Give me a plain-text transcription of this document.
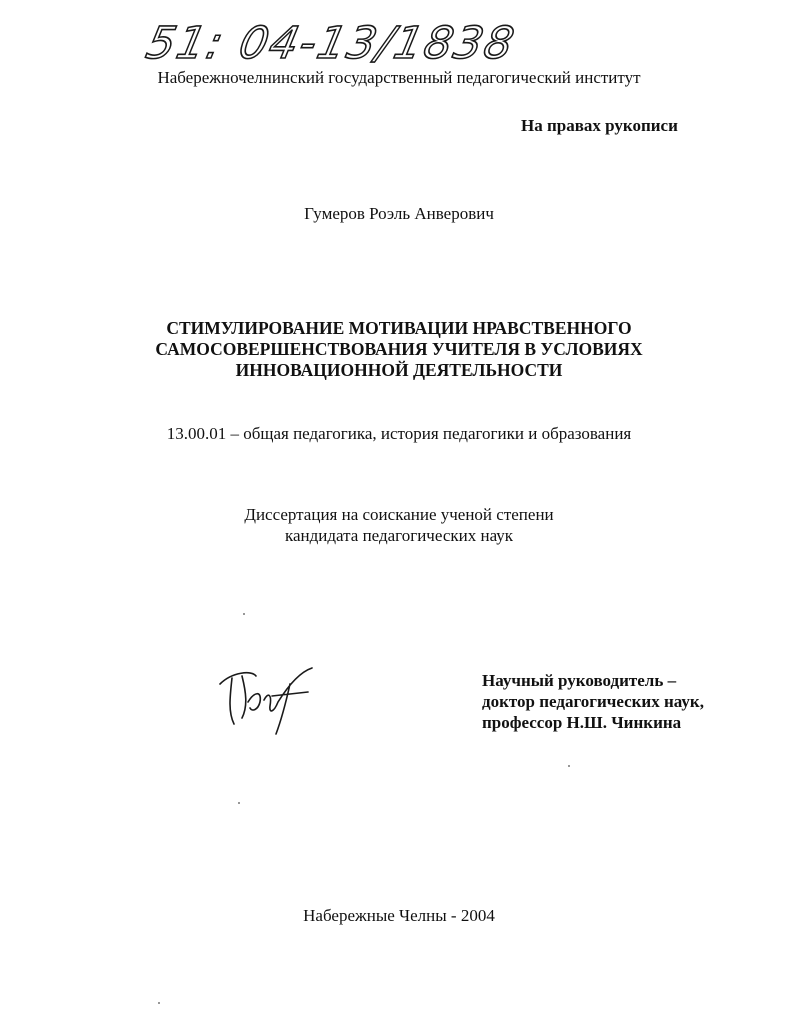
51: 04-13/1838
Набережночелнинский государственный педагогический институт
На правах рукописи
Гумеров Роэль Анверович
СТИМУЛИРОВАНИЕ МОТИВАЦИИ НРАВСТВЕННОГО
САМОСОВЕРШЕНСТВОВАНИЯ УЧИТЕЛЯ В УСЛОВИЯХ
ИННОВАЦИОННОЙ ДЕЯТЕЛЬНОСТИ
13.00.01 – общая педагогика, история педагогики и образования
Диссертация на соискание ученой степени
кандидата педагогических наук
Научный руководитель –
доктор педагогических наук,
профессор Н.Ш. Чинкина
Набережные Челны - 2004
